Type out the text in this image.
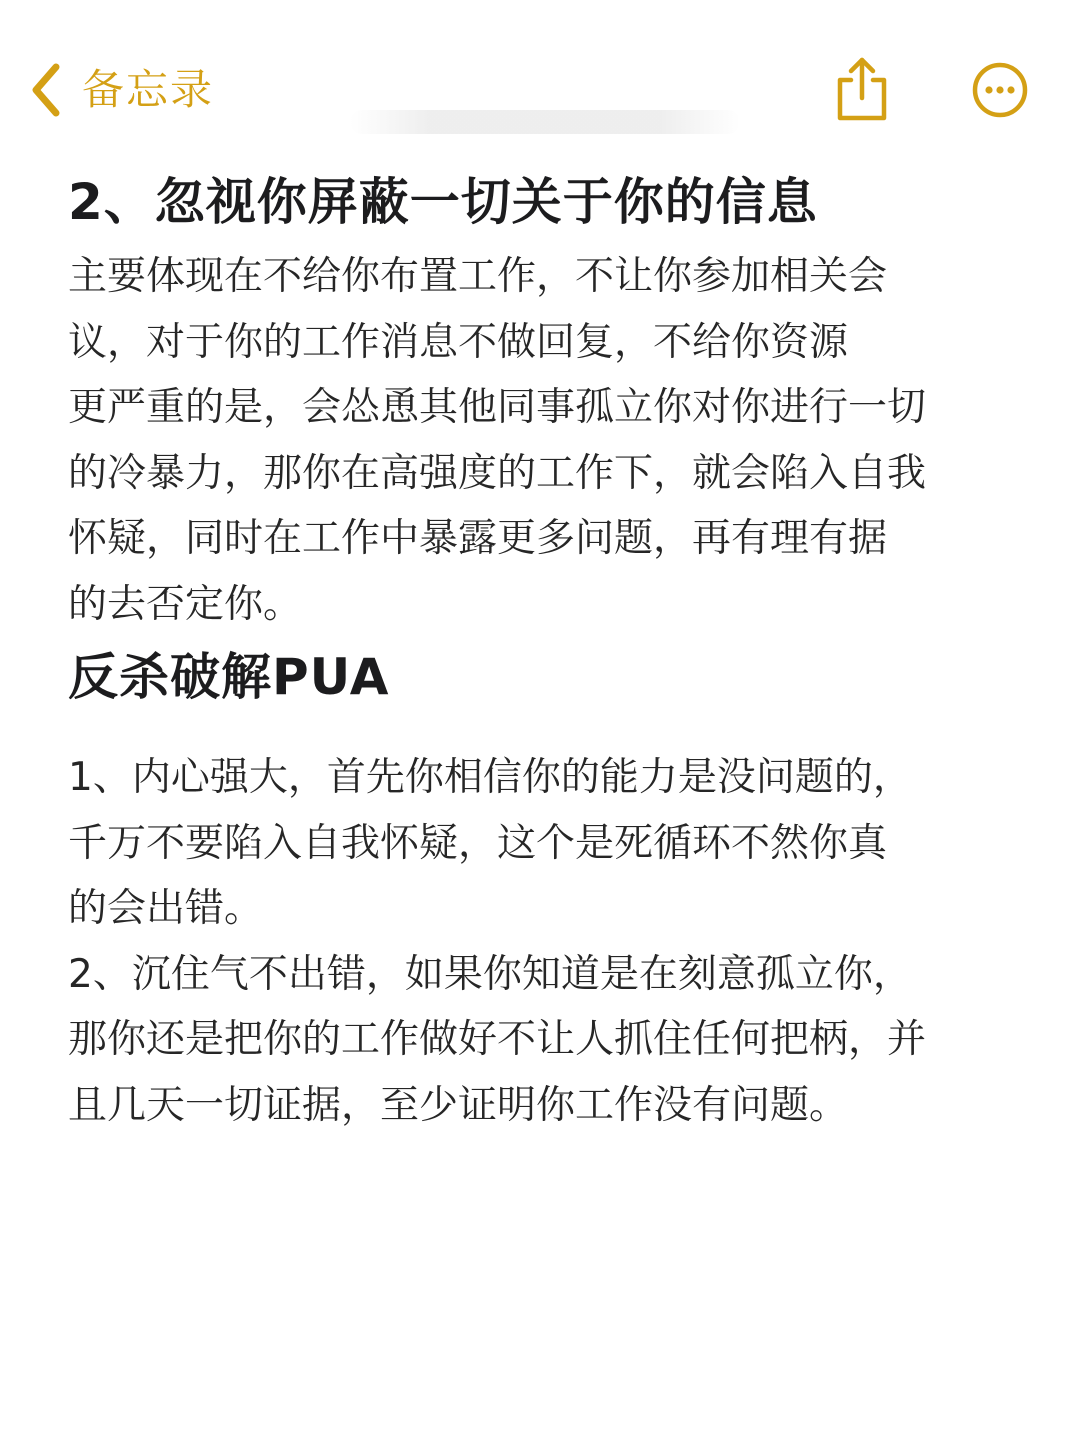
备忘录
2、忽视你屏蔽一切关于你的信息

主要体现在不给你布置工作，不让你参加相关会

议，对于你的工作消息不做回复，不给你资源

更严重的是，会怂恿其他同事孤立你对你进行一切

的冷暴力，那你在高强度的工作下，就会陷入自我

怀疑，同时在工作中暴露更多问题，再有理有据

的去否定你。

反杀破解PUA

1、内心强大，首先你相信你的能力是没问题的，

千万不要陷入自我怀疑，这个是死循环不然你真

的会出错。

2、沉住气不出错，如果你知道是在刻意孤立你，

那你还是把你的工作做好不让人抓住任何把柄，并

且几天一切证据，至少证明你工作没有问题。
